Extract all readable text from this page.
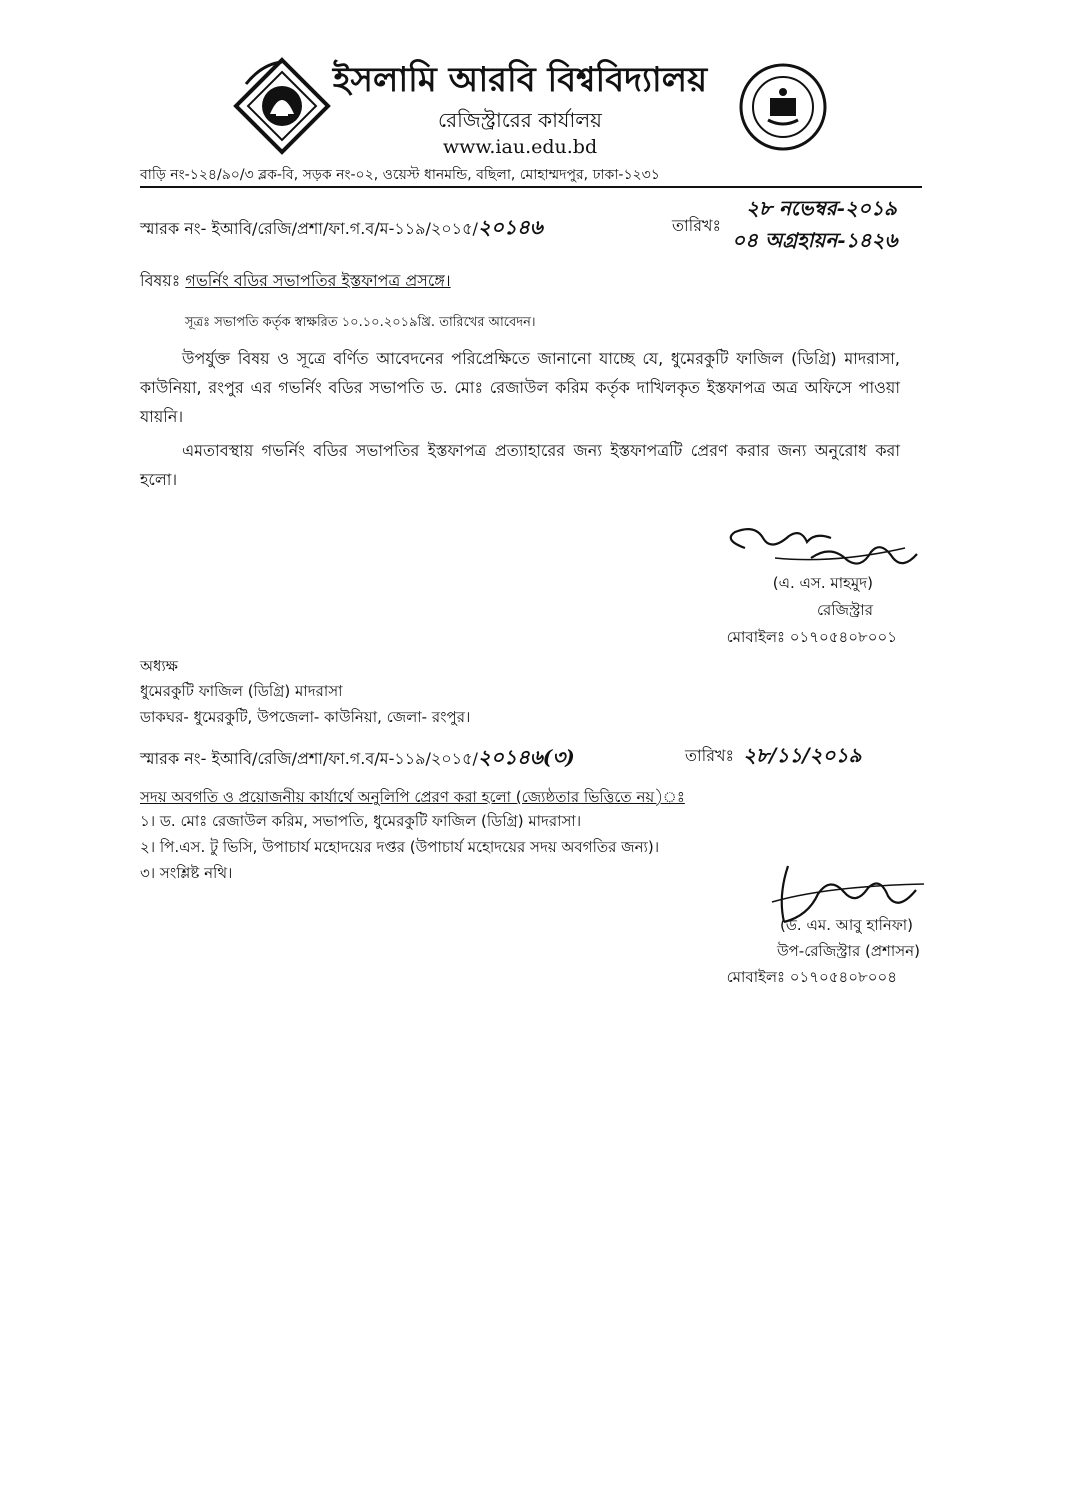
ইসলামি আরবি বিশ্ববিদ্যালয়
রেজিস্ট্রারের কার্যালয়
www.iau.edu.bd
বাড়ি নং-১২৪/৯০/৩ ব্লক-বি, সড়ক নং-০২, ওয়েস্ট ধানমন্ডি, বছিলা, মোহাম্মদপুর, ঢাকা-১২৩১
স্মারক নং- ইআবি/রেজি/প্রশা/ফা.গ.ব/ম-১১৯/২০১৫/২০১৪৬	তারিখঃ
২৮ নভেম্বর-২০১৯
০৪ অগ্রহায়ন-১৪২৬
বিষয়ঃ গভর্নিং বডির সভাপতির ইস্তফাপত্র প্রসঙ্গে।
সূত্রঃ সভাপতি কর্তৃক স্বাক্ষরিত ১০.১০.২০১৯খ্রি. তারিখের আবেদন।
উপর্যুক্ত বিষয় ও সূত্রে বর্ণিত আবেদনের পরিপ্রেক্ষিতে জানানো যাচ্ছে যে, ধুমেরকুটি ফাজিল (ডিগ্রি) মাদরাসা, কাউনিয়া, রংপুর এর গভর্নিং বডির সভাপতি ড. মোঃ রেজাউল করিম কর্তৃক দাখিলকৃত ইস্তফাপত্র অত্র অফিসে পাওয়া যায়নি।
এমতাবস্থায় গভর্নিং বডির সভাপতির ইস্তফাপত্র প্রত্যাহারের জন্য ইস্তফাপত্রটি প্রেরণ করার জন্য অনুরোধ করা হলো।
(এ. এস. মাহমুদ)
রেজিস্ট্রার
মোবাইলঃ ০১৭০৫৪০৮০০১
অধ্যক্ষ
ধুমেরকুটি ফাজিল (ডিগ্রি) মাদরাসা
ডাকঘর- ধুমেরকুটি, উপজেলা- কাউনিয়া, জেলা- রংপুর।
স্মারক নং- ইআবি/রেজি/প্রশা/ফা.গ.ব/ম-১১৯/২০১৫/২০১৪৬(৩)	তারিখঃ ২৮/১১/২০১৯
সদয় অবগতি ও প্রয়োজনীয় কার্যার্থে অনুলিপি প্রেরণ করা হলো (জ্যেষ্ঠতার ভিত্তিতে নয়)ঃ
১। ড. মোঃ রেজাউল করিম, সভাপতি, ধুমেরকুটি ফাজিল (ডিগ্রি) মাদরাসা।
২। পি.এস. টু ভিসি, উপাচার্য মহোদয়ের দপ্তর (উপাচার্য মহোদয়ের সদয় অবগতির জন্য)।
৩। সংশ্লিষ্ট নথি।
(ড. এম. আবু হানিফা)
উপ-রেজিস্ট্রার (প্রশাসন)
মোবাইলঃ ০১৭০৫৪০৮০০৪
